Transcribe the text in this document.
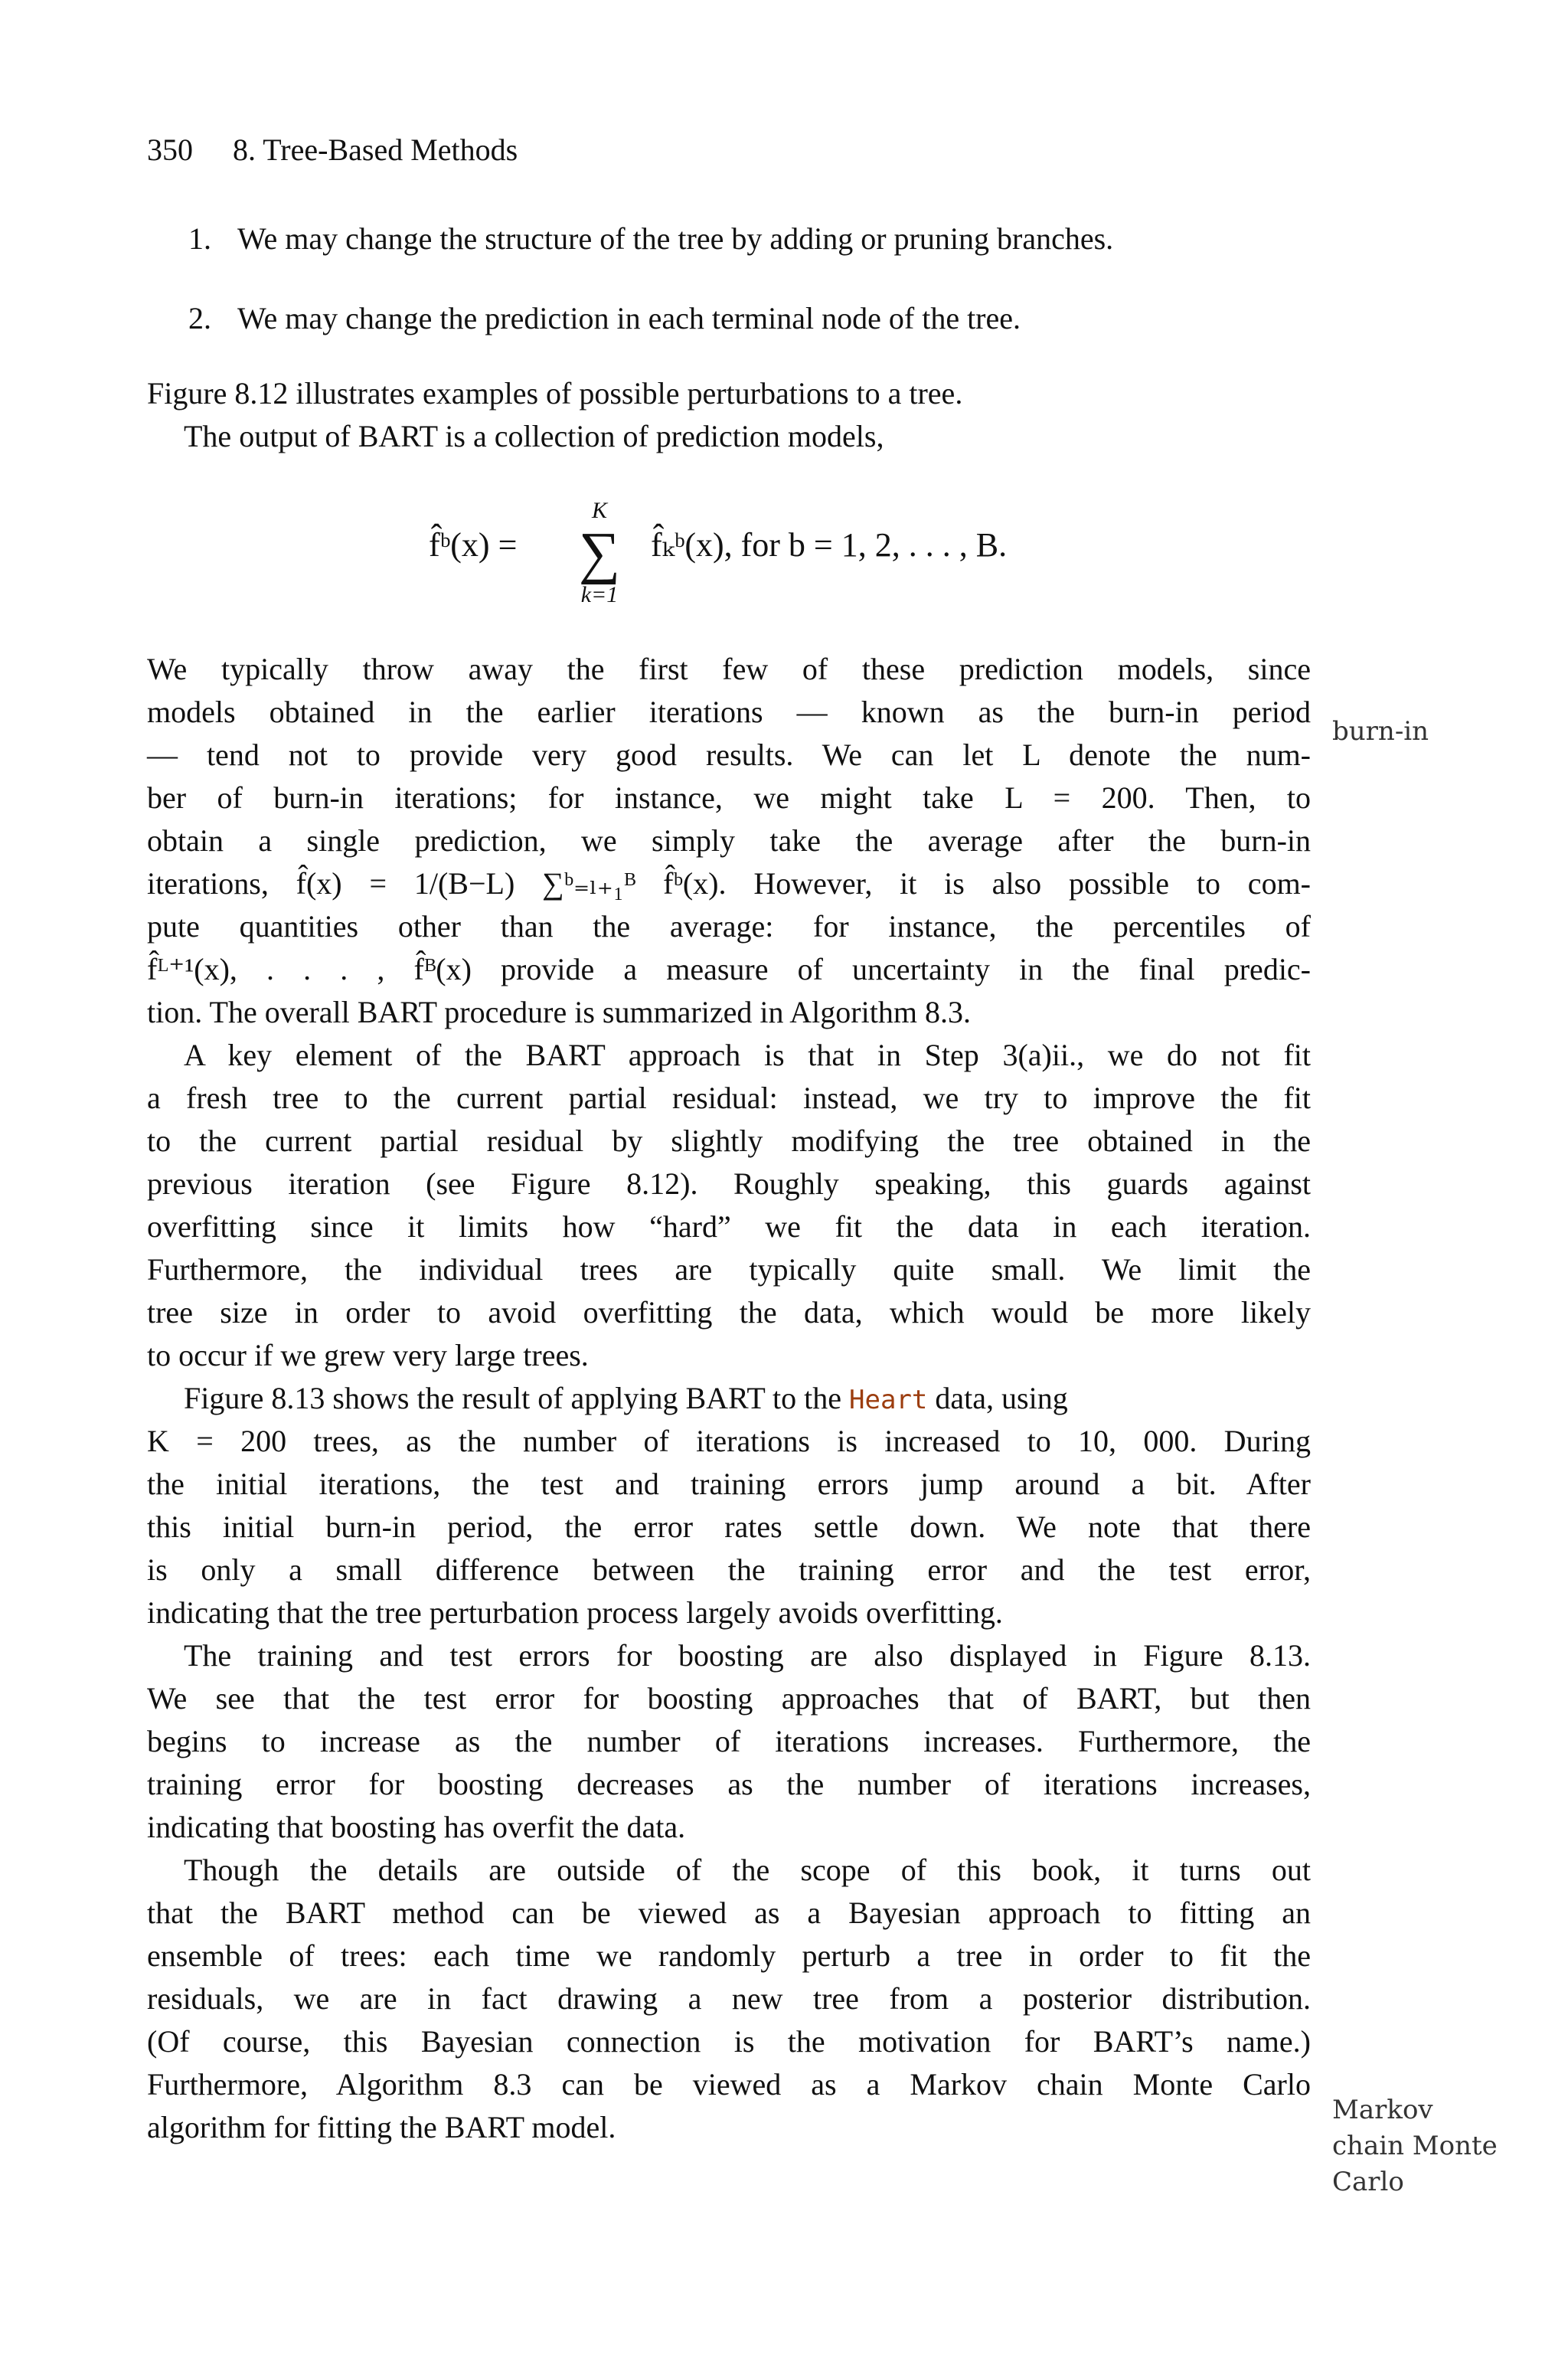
350 8. Tree-Based Methods
1. We may change the structure of the tree by adding or pruning branches.
2. We may change the prediction in each terminal node of the tree.
Figure 8.12 illustrates examples of possible perturbations to a tree.
The output of BART is a collection of prediction models,
f̂ᵇ(x) =
K
∑
k=1
f̂ₖᵇ(x), for b = 1, 2, . . . , B.
We typically throw away the first few of these prediction models, since
models obtained in the earlier iterations — known as the burn-in period
— tend not to provide very good results. We can let L denote the num-
ber of burn-in iterations; for instance, we might take L = 200. Then, to
obtain a single prediction, we simply take the average after the burn-in
iterations, f̂(x) = 1/(B−L) ∑ᵇ₌ₗ₊₁ᴮ f̂ᵇ(x). However, it is also possible to com-
pute quantities other than the average: for instance, the percentiles of
f̂ᴸ⁺¹(x), . . . , f̂ᴮ(x) provide a measure of uncertainty in the final predic-
tion. The overall BART procedure is summarized in Algorithm 8.3.
burn-in
A key element of the BART approach is that in Step 3(a)ii., we do not fit
a fresh tree to the current partial residual: instead, we try to improve the fit
to the current partial residual by slightly modifying the tree obtained in the
previous iteration (see Figure 8.12). Roughly speaking, this guards against
overfitting since it limits how “hard” we fit the data in each iteration.
Furthermore, the individual trees are typically quite small. We limit the
tree size in order to avoid overfitting the data, which would be more likely
to occur if we grew very large trees.
Figure 8.13 shows the result of applying BART to the Heart data, using
K = 200 trees, as the number of iterations is increased to 10, 000. During
the initial iterations, the test and training errors jump around a bit. After
this initial burn-in period, the error rates settle down. We note that there
is only a small difference between the training error and the test error,
indicating that the tree perturbation process largely avoids overfitting.
The training and test errors for boosting are also displayed in Figure 8.13.
We see that the test error for boosting approaches that of BART, but then
begins to increase as the number of iterations increases. Furthermore, the
training error for boosting decreases as the number of iterations increases,
indicating that boosting has overfit the data.
Though the details are outside of the scope of this book, it turns out
that the BART method can be viewed as a Bayesian approach to fitting an
ensemble of trees: each time we randomly perturb a tree in order to fit the
residuals, we are in fact drawing a new tree from a posterior distribution.
(Of course, this Bayesian connection is the motivation for BART’s name.)
Furthermore, Algorithm 8.3 can be viewed as a Markov chain Monte Carlo
algorithm for fitting the BART model.	Markov
chain Monte
Carlo
